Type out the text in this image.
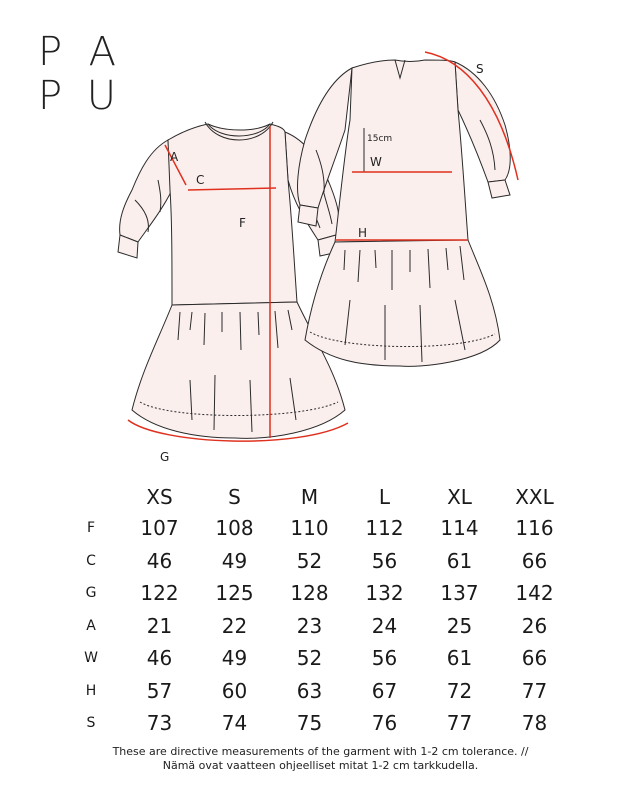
P A
P U
A
C
F
G
S
W
H
15cm
	XS	S	M	L	XL	XXL
F	107	108	110	112	114	116
C	46	49	52	56	61	66
G	122	125	128	132	137	142
A	21	22	23	24	25	26
W	46	49	52	56	61	66
H	57	60	63	67	72	77
S	73	74	75	76	77	78
These are directive measurements of the garment with 1-2 cm tolerance. //
Nämä ovat vaatteen ohjeelliset mitat 1-2 cm tarkkudella.
